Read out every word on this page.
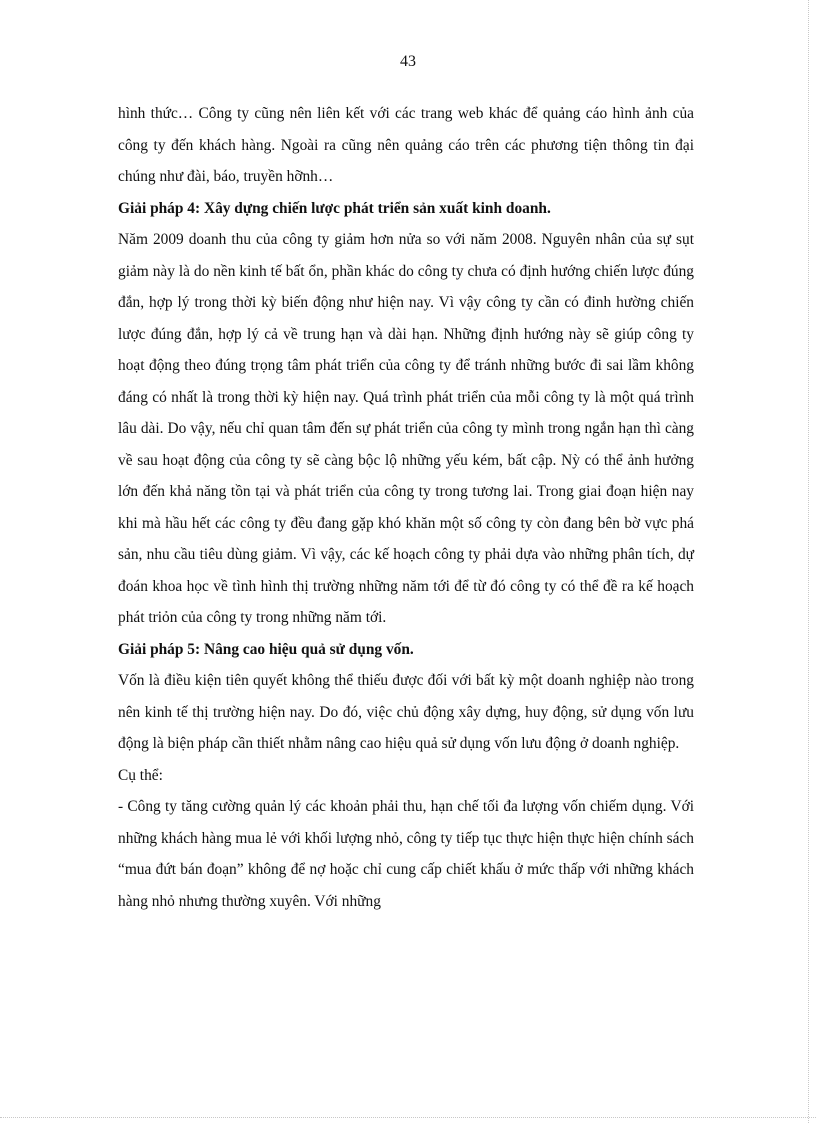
43

hình thức… Công ty cũng nên liên kết với các trang web khác để quảng cáo hình ảnh của công ty đến khách hàng. Ngoài ra cũng nên quảng cáo trên các phương tiện thông tin đại chúng như đài, báo, truyền hỡnh…

Giải pháp 4: Xây dựng chiến lược phát triển sản xuất kinh doanh.

Năm 2009 doanh thu của công ty giảm hơn nửa so với năm 2008. Nguyên nhân của sự sụt giảm này là do nền kinh tế bất ổn, phần khác do công ty chưa có định hướng chiến lược đúng đắn, hợp lý trong thời kỳ biến động như hiện nay. Vì vậy công ty cần có đinh hường chiến lược đúng đắn, hợp lý cả về trung hạn và dài hạn. Những định hướng này sẽ giúp công ty hoạt động theo đúng trọng tâm phát triển của công ty để tránh những bước đi sai lầm không đáng có nhất là trong thời kỳ hiện nay. Quá trình phát triển của mỗi công ty là một quá trình lâu dài. Do vậy, nếu chỉ quan tâm đến sự phát triển của công ty mình trong ngắn hạn thì càng về sau hoạt động của công ty sẽ càng bộc lộ những yếu kém, bất cập. Nỳ có thể ảnh hưởng lớn đến khả năng tồn tại và phát triển của công ty trong tương lai. Trong giai đoạn hiện nay khi mà hầu hết các công ty đều đang gặp khó khăn một số công ty còn đang bên bờ vực phá sản, nhu cầu tiêu dùng giảm. Vì vậy, các kế hoạch công ty phải dựa vào những phân tích, dự đoán khoa học về tình hình thị trường những năm tới để từ đó công ty có thể đề ra kế hoạch phát triỏn của công ty trong những năm tới.

Giải pháp 5: Nâng cao hiệu quả sử dụng vốn.

Vốn là điều kiện tiên quyết không thể thiếu được đối với bất kỳ một doanh nghiệp nào trong nên kinh tế thị trường hiện nay. Do đó, việc chủ động xây dựng, huy động, sử dụng vốn lưu động là biện pháp cần thiết nhằm nâng cao hiệu quả sử dụng vốn lưu động ở doanh nghiệp.

Cụ thể:

- Công ty tăng cường quản lý các khoản phải thu, hạn chế tối đa lượng vốn chiếm dụng. Với những khách hàng mua lẻ với khối lượng nhỏ, công ty tiếp tục thực hiện thực hiện chính sách “mua đứt bán đoạn” không để nợ hoặc chỉ cung cấp chiết khấu ở mức thấp với những khách hàng nhỏ nhưng thường xuyên. Với những
